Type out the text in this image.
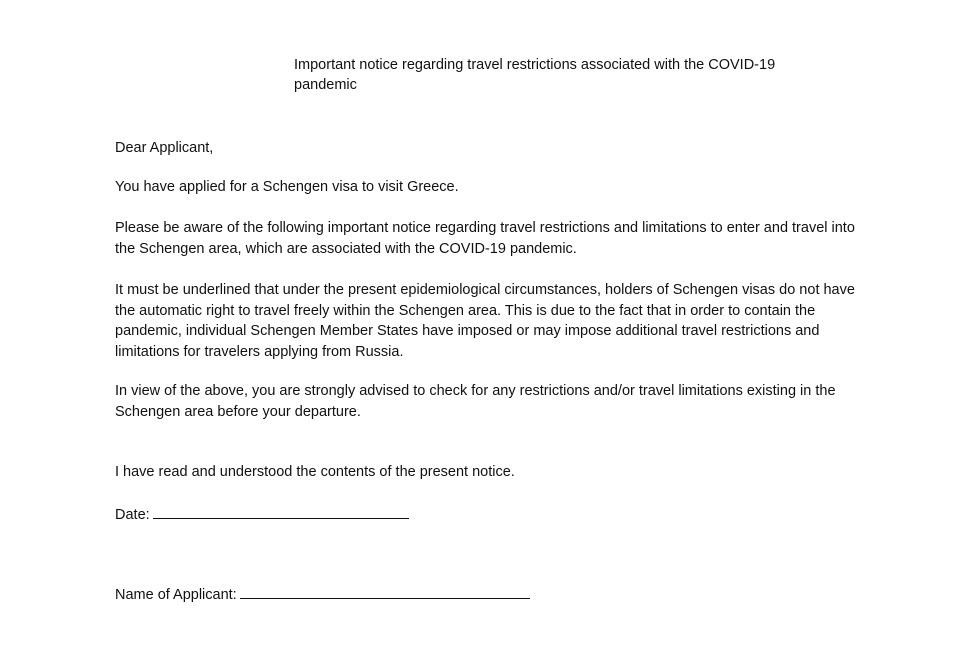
Important notice regarding travel restrictions associated with the COVID-19 pandemic

Dear Applicant,

You have applied for a Schengen visa to visit Greece.

Please be aware of the following important notice regarding travel restrictions and limitations to enter and travel into the Schengen area, which are associated with the COVID-19 pandemic.

It must be underlined that under the present epidemiological circumstances, holders of Schengen visas do not have the automatic right to travel freely within the Schengen area. This is due to the fact that in order to contain the pandemic, individual Schengen Member States have imposed or may impose additional travel restrictions and limitations for travelers applying from Russia.

In view of the above, you are strongly advised to check for any restrictions and/or travel limitations existing in the Schengen area before your departure.

I have read and understood the contents of the present notice.

Date:
Name of Applicant:
